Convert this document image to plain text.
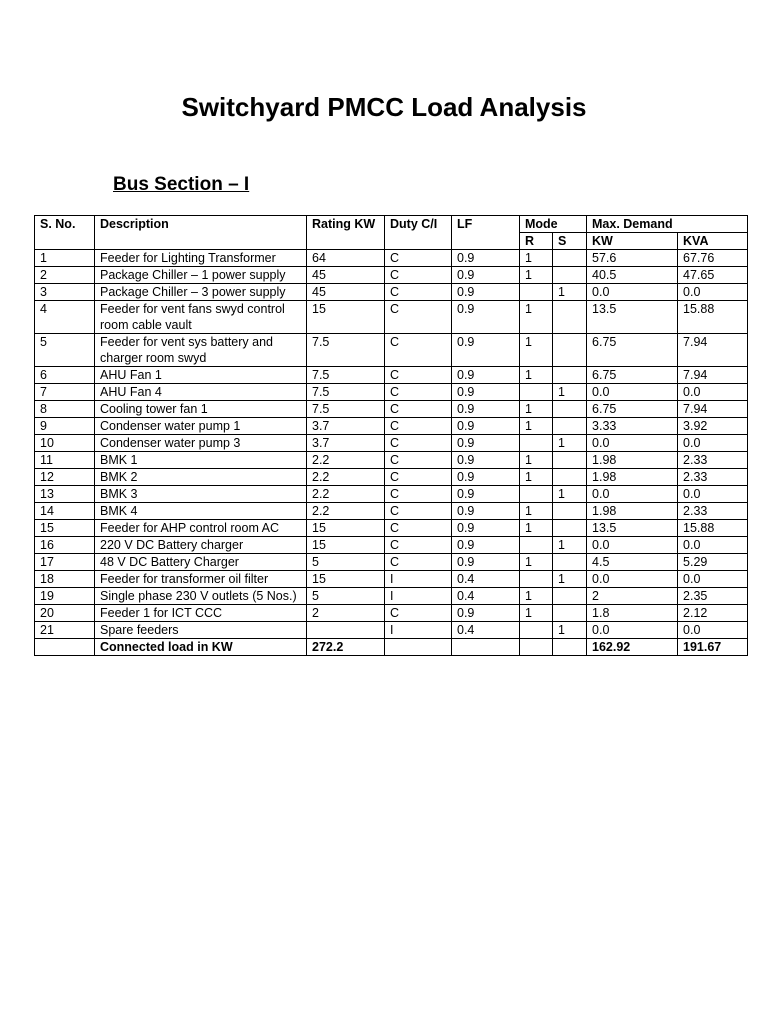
Switchyard PMCC Load Analysis
Bus Section – I
S. No.	Description	Rating KW	Duty C/I	LF	Mode		Max. Demand	
					R	S	KW	KVA
1	Feeder for Lighting Transformer	64	C	0.9	1		57.6	67.76
2	Package Chiller – 1 power supply	45	C	0.9	1		40.5	47.65
3	Package Chiller – 3 power supply	45	C	0.9		1	0.0	0.0
4	Feeder for vent fans swyd control room cable vault	15	C	0.9	1		13.5	15.88
5	Feeder for vent sys battery and charger room swyd	7.5	C	0.9	1		6.75	7.94
6	AHU Fan 1	7.5	C	0.9	1		6.75	7.94
7	AHU Fan 4	7.5	C	0.9		1	0.0	0.0
8	Cooling tower fan 1	7.5	C	0.9	1		6.75	7.94
9	Condenser water pump 1	3.7	C	0.9	1		3.33	3.92
10	Condenser water pump 3	3.7	C	0.9		1	0.0	0.0
11	BMK 1	2.2	C	0.9	1		1.98	2.33
12	BMK 2	2.2	C	0.9	1		1.98	2.33
13	BMK 3	2.2	C	0.9		1	0.0	0.0
14	BMK 4	2.2	C	0.9	1		1.98	2.33
15	Feeder for AHP control room AC	15	C	0.9	1		13.5	15.88
16	220 V DC Battery charger	15	C	0.9		1	0.0	0.0
17	48 V DC Battery Charger	5	C	0.9	1		4.5	5.29
18	Feeder for transformer oil filter	15	I	0.4		1	0.0	0.0
19	Single phase 230 V outlets (5 Nos.)	5	I	0.4	1		2	2.35
20	Feeder 1 for ICT CCC	2	C	0.9	1		1.8	2.12
21	Spare feeders		I	0.4		1	0.0	0.0
	Connected load in KW	272.2					162.92	191.67
